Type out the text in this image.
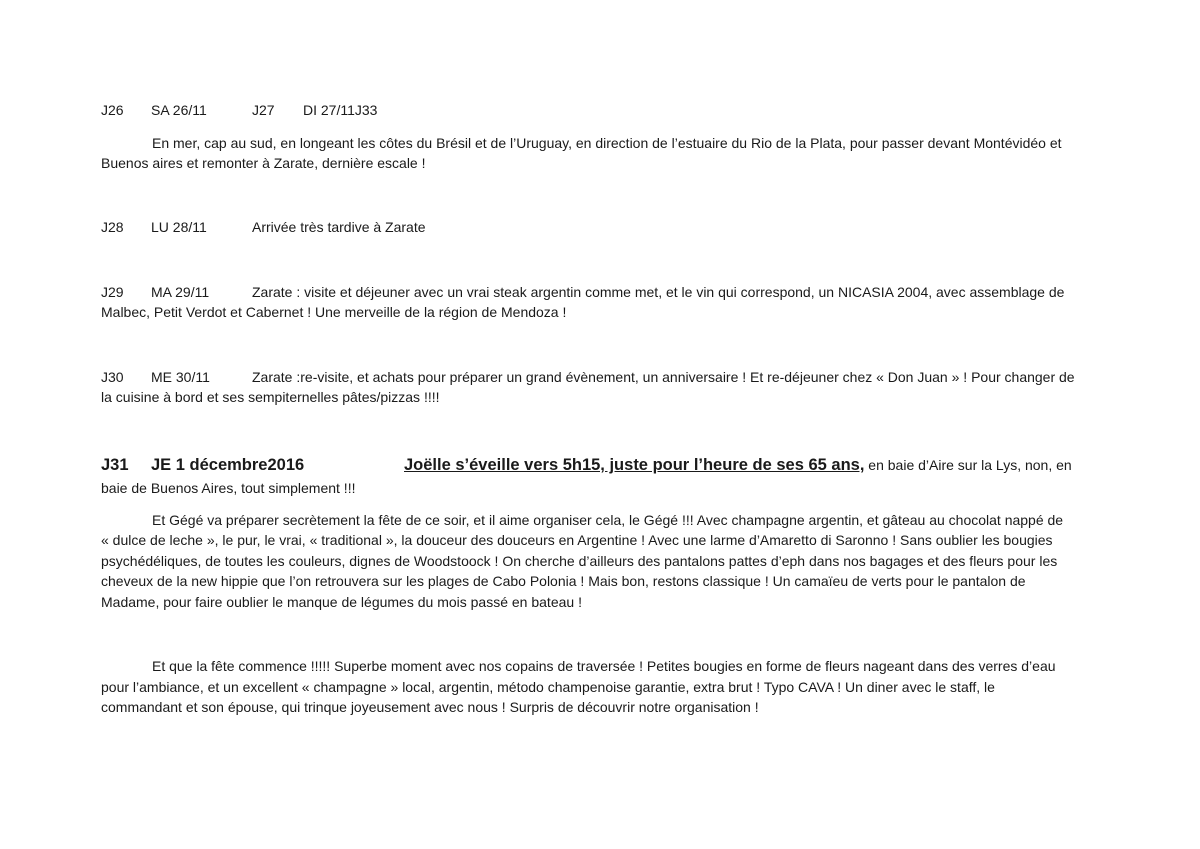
J26 SA 26/11	J27 DI 27/11J33
En mer, cap au sud, en longeant les côtes du Brésil et de l’Uruguay, en direction de l’estuaire du Rio de la Plata, pour passer devant Montévidéo et
Buenos aires et remonter à Zarate, dernière escale !
J28 LU 28/11	Arrivée très tardive à Zarate
J29 MA 29/11	Zarate : visite et déjeuner avec un vrai steak argentin comme met, et le vin qui correspond, un NICASIA 2004, avec assemblage de
Malbec, Petit Verdot et Cabernet ! Une merveille de la région de Mendoza !
J30 ME 30/11	Zarate :re-visite, et achats pour préparer un grand évènement, un anniversaire ! Et re-déjeuner chez « Don Juan » ! Pour changer de
la cuisine à bord et ses sempiternelles pâtes/pizzas !!!!
J31 JE 1 décembre2016	Joëlle s’éveille vers 5h15, juste pour l’heure de ses 65 ans, en baie d’Aire sur la Lys, non, en
baie de Buenos Aires, tout simplement !!!
Et Gégé va préparer secrètement la fête de ce soir, et il aime organiser cela, le Gégé !!! Avec champagne argentin, et gâteau au chocolat nappé de
« dulce de leche », le pur, le vrai, « traditional », la douceur des douceurs en Argentine ! Avec une larme d’Amaretto di Saronno ! Sans oublier les bougies
psychédéliques, de toutes les couleurs, dignes de Woodstoock ! On cherche d’ailleurs des pantalons pattes d’eph dans nos bagages et des fleurs pour les
cheveux de la new hippie que l’on retrouvera sur les plages de Cabo Polonia ! Mais bon, restons classique ! Un camaïeu de verts pour le pantalon de
Madame, pour faire oublier le manque de légumes du mois passé en bateau !
Et que la fête commence !!!!! Superbe moment avec nos copains de traversée ! Petites bougies en forme de fleurs nageant dans des verres d’eau
pour l’ambiance, et un excellent « champagne » local, argentin, método champenoise garantie, extra brut ! Typo CAVA ! Un diner avec le staff, le
commandant et son épouse, qui trinque joyeusement avec nous ! Surpris de découvrir notre organisation !
